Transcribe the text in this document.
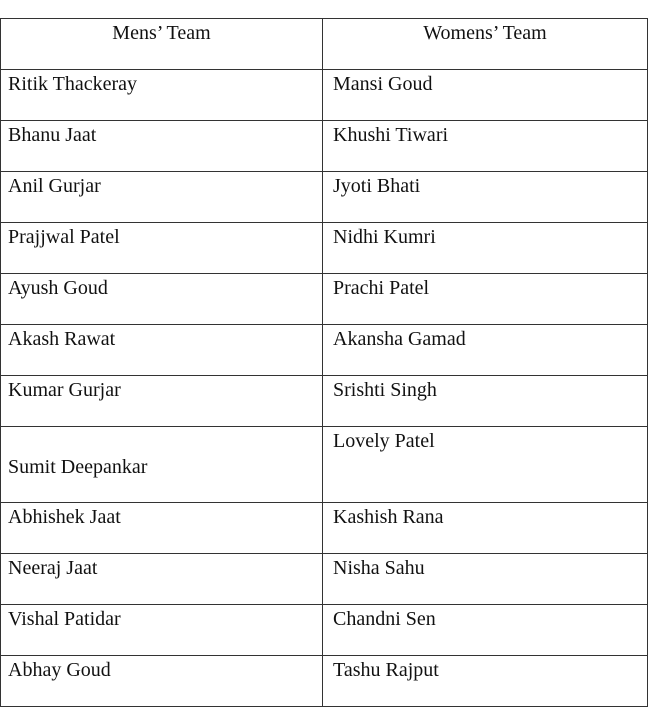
Mens’ Team	Womens’ Team
Ritik Thackeray	Mansi Goud
Bhanu Jaat	Khushi Tiwari
Anil Gurjar	Jyoti Bhati
Prajjwal Patel	Nidhi Kumri
Ayush Goud	Prachi Patel
Akash Rawat	Akansha Gamad
Kumar Gurjar	Srishti Singh
Sumit Deepankar	Lovely Patel
Abhishek Jaat	Kashish Rana
Neeraj Jaat	Nisha Sahu
Vishal Patidar	Chandni Sen
Abhay Goud	Tashu Rajput
